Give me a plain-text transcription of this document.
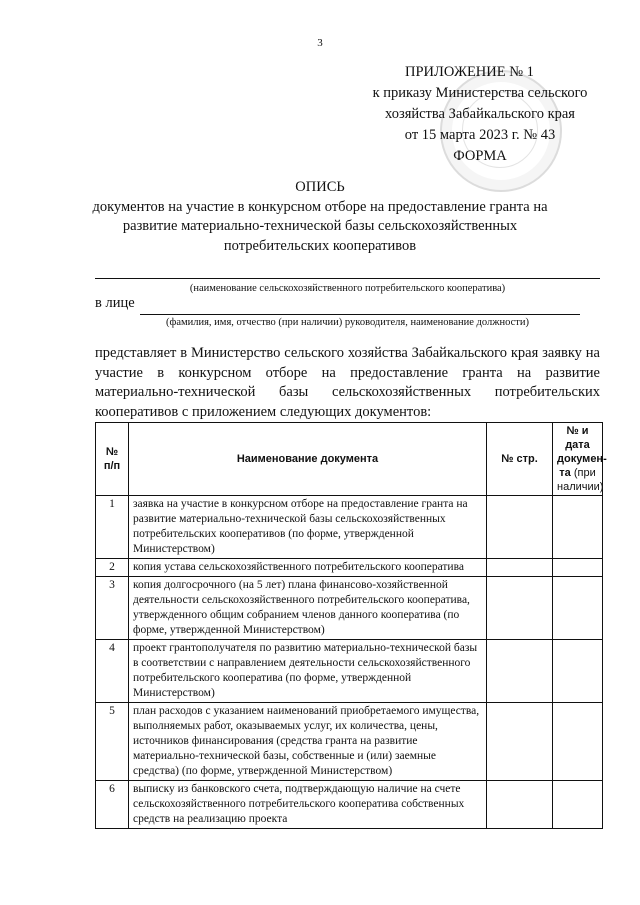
3
ПРИЛОЖЕНИЕ № 1
к приказу Министерства сельского
хозяйства Забайкальского края
от 15 марта 2023 г. № 43
ФОРМА
ОПИСЬ
документов на участие в конкурсном отборе на предоставление гранта на
развитие материально-технической базы сельскохозяйственных
потребительских кооперативов
(наименование сельскохозяйственного потребительского кооператива)
в лице
(фамилия, имя, отчество (при наличии) руководителя, наименование должности)
представляет в Министерство сельского хозяйства Забайкальского края заявку на участие в конкурсном отборе на предоставление гранта на развитие материально-технической базы сельскохозяйственных потребительских
кооперативов с приложением следующих документов:
№
п/п	Наименование документа	№ стр.	№ и дата докумен-та (при наличии)
1	заявка на участие в конкурсном отборе на предоставление гранта на развитие материально-технической базы сельскохозяйственных потребительских кооперативов (по форме, утвержденной Министерством)		
2	копия устава сельскохозяйственного потребительского кооператива		
3	копия долгосрочного (на 5 лет) плана финансово-хозяйственной деятельности сельскохозяйственного потребительского кооператива, утвержденного общим собранием членов данного кооператива (по форме, утвержденной Министерством)		
4	проект грантополучателя по развитию материально-технической базы в соответствии с направлением деятельности сельскохозяйственного потребительского кооператива (по форме, утвержденной Министерством)		
5	план расходов с указанием наименований приобретаемого имущества, выполняемых работ, оказываемых услуг, их количества, цены, источников финансирования (средства гранта на развитие материально-технической базы, собственные и (или) заемные средства) (по форме, утвержденной Министерством)		
6	выписку из банковского счета, подтверждающую наличие на счете сельскохозяйственного потребительского кооператива собственных средств на реализацию проекта		
